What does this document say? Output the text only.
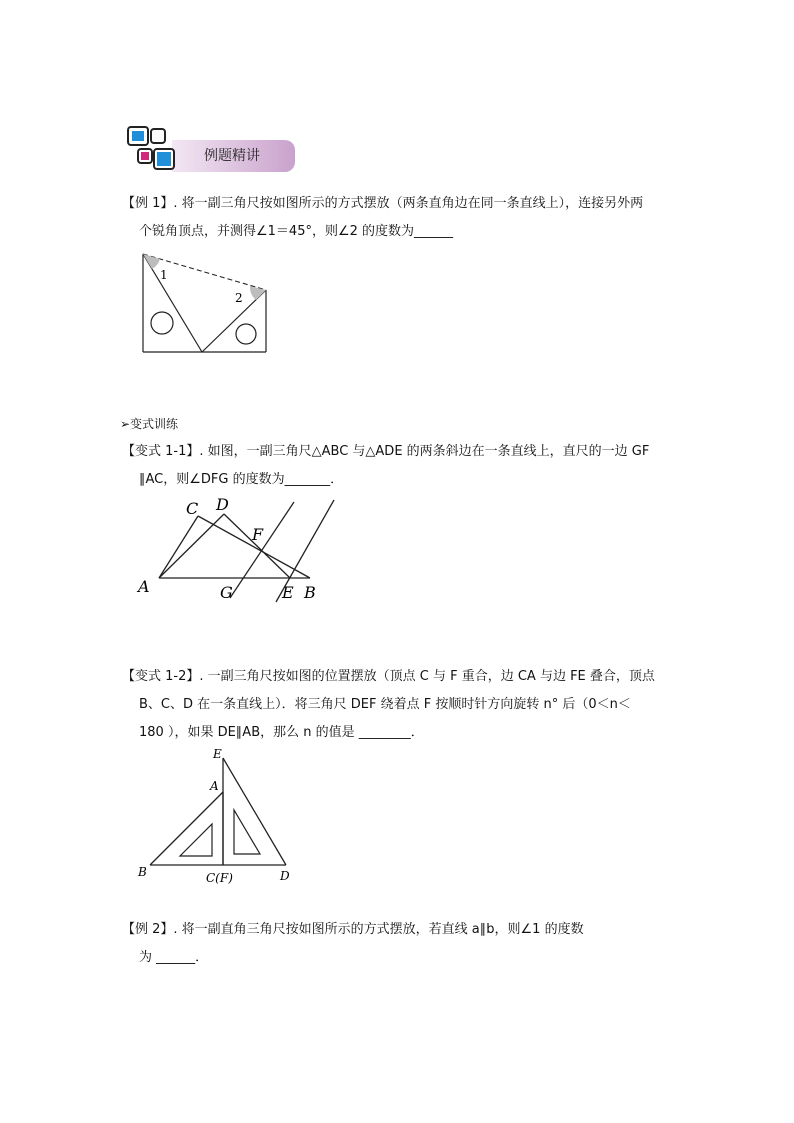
例题精讲
【例 1】. 将一副三角尺按如图所示的方式摆放（两条直角边在同一条直线上），连接另外两
个锐角顶点，并测得∠1＝45°，则∠2 的度数为______
1
2
➢变式训练
【变式 1-1】. 如图，一副三角尺△ABC 与△ADE 的两条斜边在一条直线上，直尺的一边 GF
∥AC，则∠DFG 的度数为_______．
C D
F
A	G	E B
【变式 1-2】. 一副三角尺按如图的位置摆放（顶点 C 与 F 重合，边 CA 与边 FE 叠合，顶点
B、C、D 在一条直线上）．将三角尺 DEF 绕着点 F 按顺时针方向旋转 n° 后（0＜n＜
180 ），如果 DE∥AB，那么 n 的值是 ________．
E
A
B	C(F)	D
【例 2】. 将一副直角三角尺按如图所示的方式摆放，若直线 a∥b，则∠1 的度数
为 ______．
